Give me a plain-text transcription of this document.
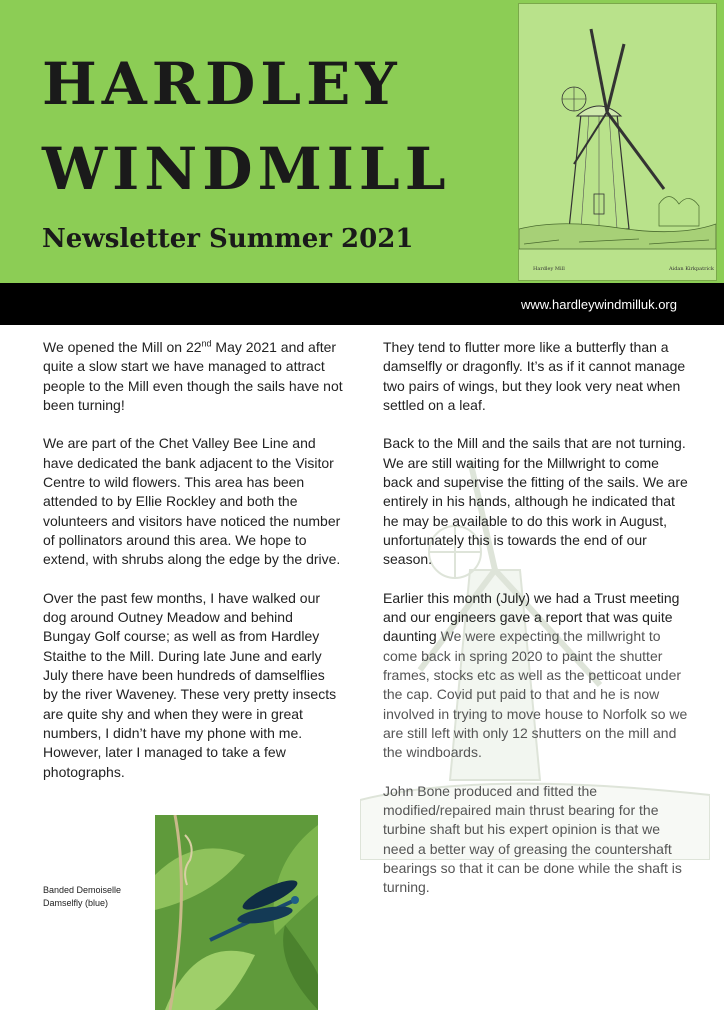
HARDLEY
WINDMILL
Newsletter Summer 2021
Hardley Mill	Aidan Kirkpatrick
www.hardleywindmilluk.org

We opened the Mill on 22nd May 2021 and after quite a slow start we have managed to attract people to the Mill even though the sails have not been turning!

We are part of the Chet Valley Bee Line and have dedicated the bank adjacent to the Visitor Centre to wild flowers. This area has been attended to by Ellie Rockley and both the volunteers and visitors have noticed the number of pollinators around this area. We hope to extend, with shrubs along the edge by the drive.

Over the past few months, I have walked our dog around Outney Meadow and behind Bungay Golf course; as well as from Hardley Staithe to the Mill. During late June and early July there have been hundreds of damselflies by the river Waveney. These very pretty insects are quite shy and when they were in great numbers, I didn’t have my phone with me. However, later I managed to take a few photographs.

Banded Demoiselle Damselfly (blue)

They tend to flutter more like a butterfly than a damselfly or dragonfly. It’s as if it cannot manage two pairs of wings, but they look very neat when settled on a leaf.

Back to the Mill and the sails that are not turning. We are still waiting for the Millwright to come back and supervise the fitting of the sails. We are entirely in his hands, although he indicated that he may be available to do this work in August, unfortunately this is towards the end of our season.

Earlier this month (July) we had a Trust meeting and our engineers gave a report that was quite daunting We were expecting the millwright to come back in spring 2020 to paint the shutter frames, stocks etc as well as the petticoat under the cap. Covid put paid to that and he is now involved in trying to move house to Norfolk so we are still left with only 12 shutters on the mill and the windboards.

John Bone produced and fitted the modified/repaired main thrust bearing for the turbine shaft but his expert opinion is that we need a better way of greasing the countershaft bearings so that it can be done while the shaft is turning.
